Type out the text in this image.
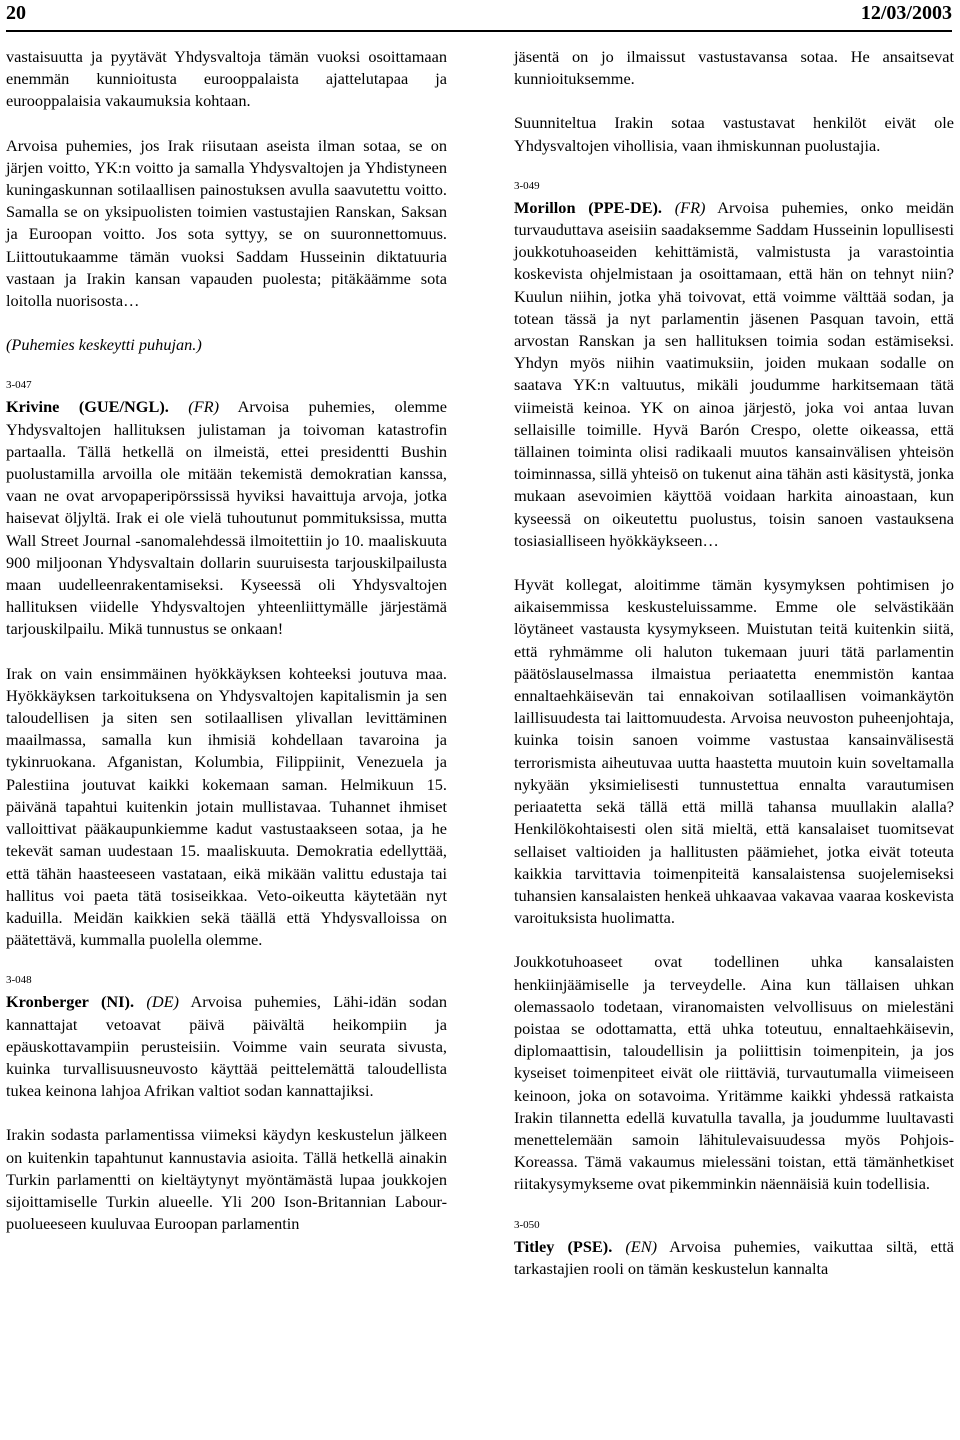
20	12/03/2003

vastaisuutta ja pyytävät Yhdysvaltoja tämän vuoksi osoittamaan enemmän kunnioitusta eurooppalaista ajattelutapaa ja eurooppalaisia vakaumuksia kohtaan.

Arvoisa puhemies, jos Irak riisutaan aseista ilman sotaa, se on järjen voitto, YK:n voitto ja samalla Yhdysvaltojen ja Yhdistyneen kuningaskunnan sotilaallisen painostuksen avulla saavutettu voitto. Samalla se on yksipuolisten toimien vastustajien Ranskan, Saksan ja Euroopan voitto. Jos sota syttyy, se on suuronnettomuus. Liittoutukaamme tämän vuoksi Saddam Husseinin diktatuuria vastaan ja Irakin kansan vapauden puolesta; pitäkäämme sota loitolla nuorisosta…

(Puhemies keskeytti puhujan.)

3-047

Krivine (GUE/NGL). (FR) Arvoisa puhemies, olemme Yhdysvaltojen hallituksen julistaman ja toivoman katastrofin partaalla. Tällä hetkellä on ilmeistä, ettei presidentti Bushin puolustamilla arvoilla ole mitään tekemistä demokratian kanssa, vaan ne ovat arvopaperipörssissä hyviksi havaittuja arvoja, jotka haisevat öljyltä. Irak ei ole vielä tuhoutunut pommituksissa, mutta Wall Street Journal ‑sanomalehdessä ilmoitettiin jo 10. maaliskuuta 900 miljoonan Yhdysvaltain dollarin suuruisesta tarjouskilpailusta maan uudelleenrakentamiseksi. Kyseessä oli Yhdysvaltojen hallituksen viidelle Yhdysvaltojen yhteenliittymälle järjestämä tarjouskilpailu. Mikä tunnustus se onkaan!

Irak on vain ensimmäinen hyökkäyksen kohteeksi joutuva maa. Hyökkäyksen tarkoituksena on Yhdysvaltojen kapitalismin ja sen taloudellisen ja siten sen sotilaallisen ylivallan levittäminen maailmassa, samalla kun ihmisiä kohdellaan tavaroina ja tykinruokana. Afganistan, Kolumbia, Filippiinit, Venezuela ja Palestiina joutuvat kaikki kokemaan saman. Helmikuun 15. päivänä tapahtui kuitenkin jotain mullistavaa. Tuhannet ihmiset valloittivat pääkaupunkiemme kadut vastustaakseen sotaa, ja he tekevät saman uudestaan 15. maaliskuuta. Demokratia edellyttää, että tähän haasteeseen vastataan, eikä mikään valittu edustaja tai hallitus voi paeta tätä tosiseikkaa. Veto-oikeutta käytetään nyt kaduilla. Meidän kaikkien sekä täällä että Yhdysvalloissa on päätettävä, kummalla puolella olemme.

3-048

Kronberger (NI). (DE) Arvoisa puhemies, Lähi-idän sodan kannattajat vetoavat päivä päivältä heikompiin ja epäuskottavampiin perusteisiin. Voimme vain seurata sivusta, kuinka turvallisuusneuvosto käyttää peittelemättä taloudellista tukea keinona lahjoa Afrikan valtiot sodan kannattajiksi.

Irakin sodasta parlamentissa viimeksi käydyn keskustelun jälkeen on kuitenkin tapahtunut kannustavia asioita. Tällä hetkellä ainakin Turkin parlamentti on kieltäytynyt myöntämästä lupaa joukkojen sijoittamiselle Turkin alueelle. Yli 200 Ison-Britannian Labour-puolueeseen kuuluvaa Euroopan parlamentin

jäsentä on jo ilmaissut vastustavansa sotaa. He ansaitsevat kunnioituksemme.

Suunniteltua Irakin sotaa vastustavat henkilöt eivät ole Yhdysvaltojen vihollisia, vaan ihmiskunnan puolustajia.

3-049

Morillon (PPE-DE). (FR) Arvoisa puhemies, onko meidän turvauduttava aseisiin saadaksemme Saddam Husseinin lopullisesti joukkotuhoaseiden kehittämistä, valmistusta ja varastointia koskevista ohjelmistaan ja osoittamaan, että hän on tehnyt niin? Kuulun niihin, jotka yhä toivovat, että voimme välttää sodan, ja totean tässä ja nyt parlamentin jäsenen Pasquan tavoin, että arvostan Ranskan ja sen hallituksen toimia sodan estämiseksi. Yhdyn myös niihin vaatimuksiin, joiden mukaan sodalle on saatava YK:n valtuutus, mikäli joudumme harkitsemaan tätä viimeistä keinoa. YK on ainoa järjestö, joka voi antaa luvan sellaisille toimille. Hyvä Barón Crespo, olette oikeassa, että tällainen toiminta olisi radikaali muutos kansainvälisen yhteisön toiminnassa, sillä yhteisö on tukenut aina tähän asti käsitystä, jonka mukaan asevoimien käyttöä voidaan harkita ainoastaan, kun kyseessä on oikeutettu puolustus, toisin sanoen vastauksena tosiasialliseen hyökkäykseen…

Hyvät kollegat, aloitimme tämän kysymyksen pohtimisen jo aikaisemmissa keskusteluissamme. Emme ole selvästikään löytäneet vastausta kysymykseen. Muistutan teitä kuitenkin siitä, että ryhmämme oli haluton tukemaan juuri tätä parlamentin päätöslauselmassa ilmaistua periaatetta enemmistön kantaa ennaltaehkäisevän tai ennakoivan sotilaallisen voimankäytön laillisuudesta tai laittomuudesta. Arvoisa neuvoston puheenjohtaja, kuinka toisin sanoen voimme vastustaa kansainvälisestä terrorismista aiheutuvaa uutta haastetta muutoin kuin soveltamalla nykyään yksimielisesti tunnustettua ennalta varautumisen periaatetta sekä tällä että millä tahansa muullakin alalla? Henkilökohtaisesti olen sitä mieltä, että kansalaiset tuomitsevat sellaiset valtioiden ja hallitusten päämiehet, jotka eivät toteuta kaikkia tarvittavia toimenpiteitä kansalaistensa suojelemiseksi tuhansien kansalaisten henkeä uhkaavaa vakavaa vaaraa koskevista varoituksista huolimatta.

Joukkotuhoaseet ovat todellinen uhka kansalaisten henkiinjäämiselle ja terveydelle. Aina kun tällaisen uhkan olemassaolo todetaan, viranomaisten velvollisuus on mielestäni poistaa se odottamatta, että uhka toteutuu, ennaltaehkäisevin, diplomaattisin, taloudellisin ja poliittisin toimenpitein, ja jos kyseiset toimenpiteet eivät ole riittäviä, turvautumalla viimeiseen keinoon, joka on sotavoima. Yritämme kaikki yhdessä ratkaista Irakin tilannetta edellä kuvatulla tavalla, ja joudumme luultavasti menettelemään samoin lähitulevaisuudessa myös Pohjois-Koreassa. Tämä vakaumus mielessäni toistan, että tämänhetkiset riitakysymykseme ovat pikemminkin näennäisiä kuin todellisia.

3-050

Titley (PSE). (EN) Arvoisa puhemies, vaikuttaa siltä, että tarkastajien rooli on tämän keskustelun kannalta
